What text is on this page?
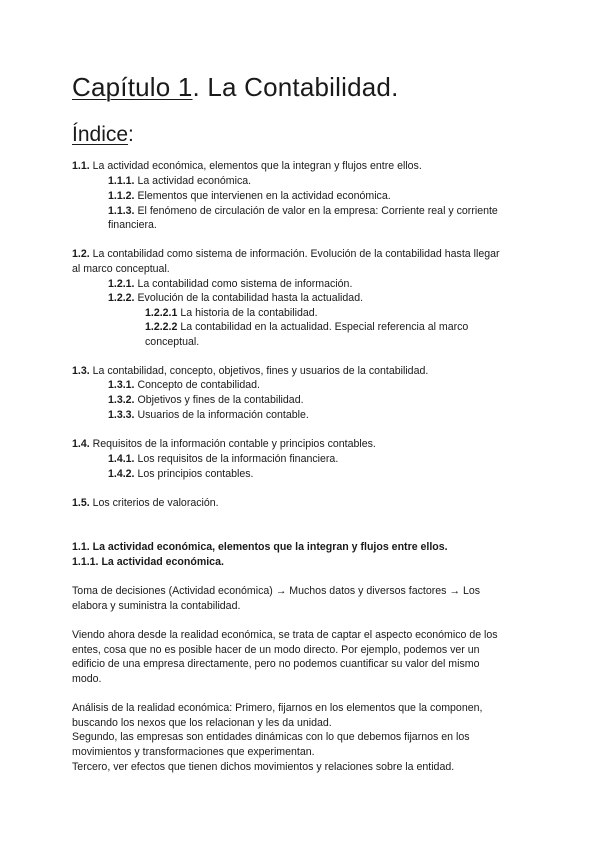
Capítulo 1. La Contabilidad.
Índice:
1.1. La actividad económica, elementos que la integran y flujos entre ellos.
1.1.1. La actividad económica.
1.1.2. Elementos que intervienen en la actividad económica.
1.1.3. El fenómeno de circulación de valor en la empresa: Corriente real y corriente
financiera.
1.2. La contabilidad como sistema de información. Evolución de la contabilidad hasta llegar
al marco conceptual.
1.2.1. La contabilidad como sistema de información.
1.2.2. Evolución de la contabilidad hasta la actualidad.
1.2.2.1 La historia de la contabilidad.
1.2.2.2 La contabilidad en la actualidad. Especial referencia al marco
conceptual.
1.3. La contabilidad, concepto, objetivos, fines y usuarios de la contabilidad.
1.3.1. Concepto de contabilidad.
1.3.2. Objetivos y fines de la contabilidad.
1.3.3. Usuarios de la información contable.
1.4. Requisitos de la información contable y principios contables.
1.4.1. Los requisitos de la información financiera.
1.4.2. Los principios contables.
1.5. Los criterios de valoración.
1.1. La actividad económica, elementos que la integran y flujos entre ellos.
1.1.1. La actividad económica.
Toma de decisiones (Actividad económica) → Muchos datos y diversos factores → Los
elabora y suministra la contabilidad.
Viendo ahora desde la realidad económica, se trata de captar el aspecto económico de los
entes, cosa que no es posible hacer de un modo directo. Por ejemplo, podemos ver un
edificio de una empresa directamente, pero no podemos cuantificar su valor del mismo
modo.
Análisis de la realidad económica: Primero, fijarnos en los elementos que la componen,
buscando los nexos que los relacionan y les da unidad.
Segundo, las empresas son entidades dinámicas con lo que debemos fijarnos en los
movimientos y transformaciones que experimentan.
Tercero, ver efectos que tienen dichos movimientos y relaciones sobre la entidad.
